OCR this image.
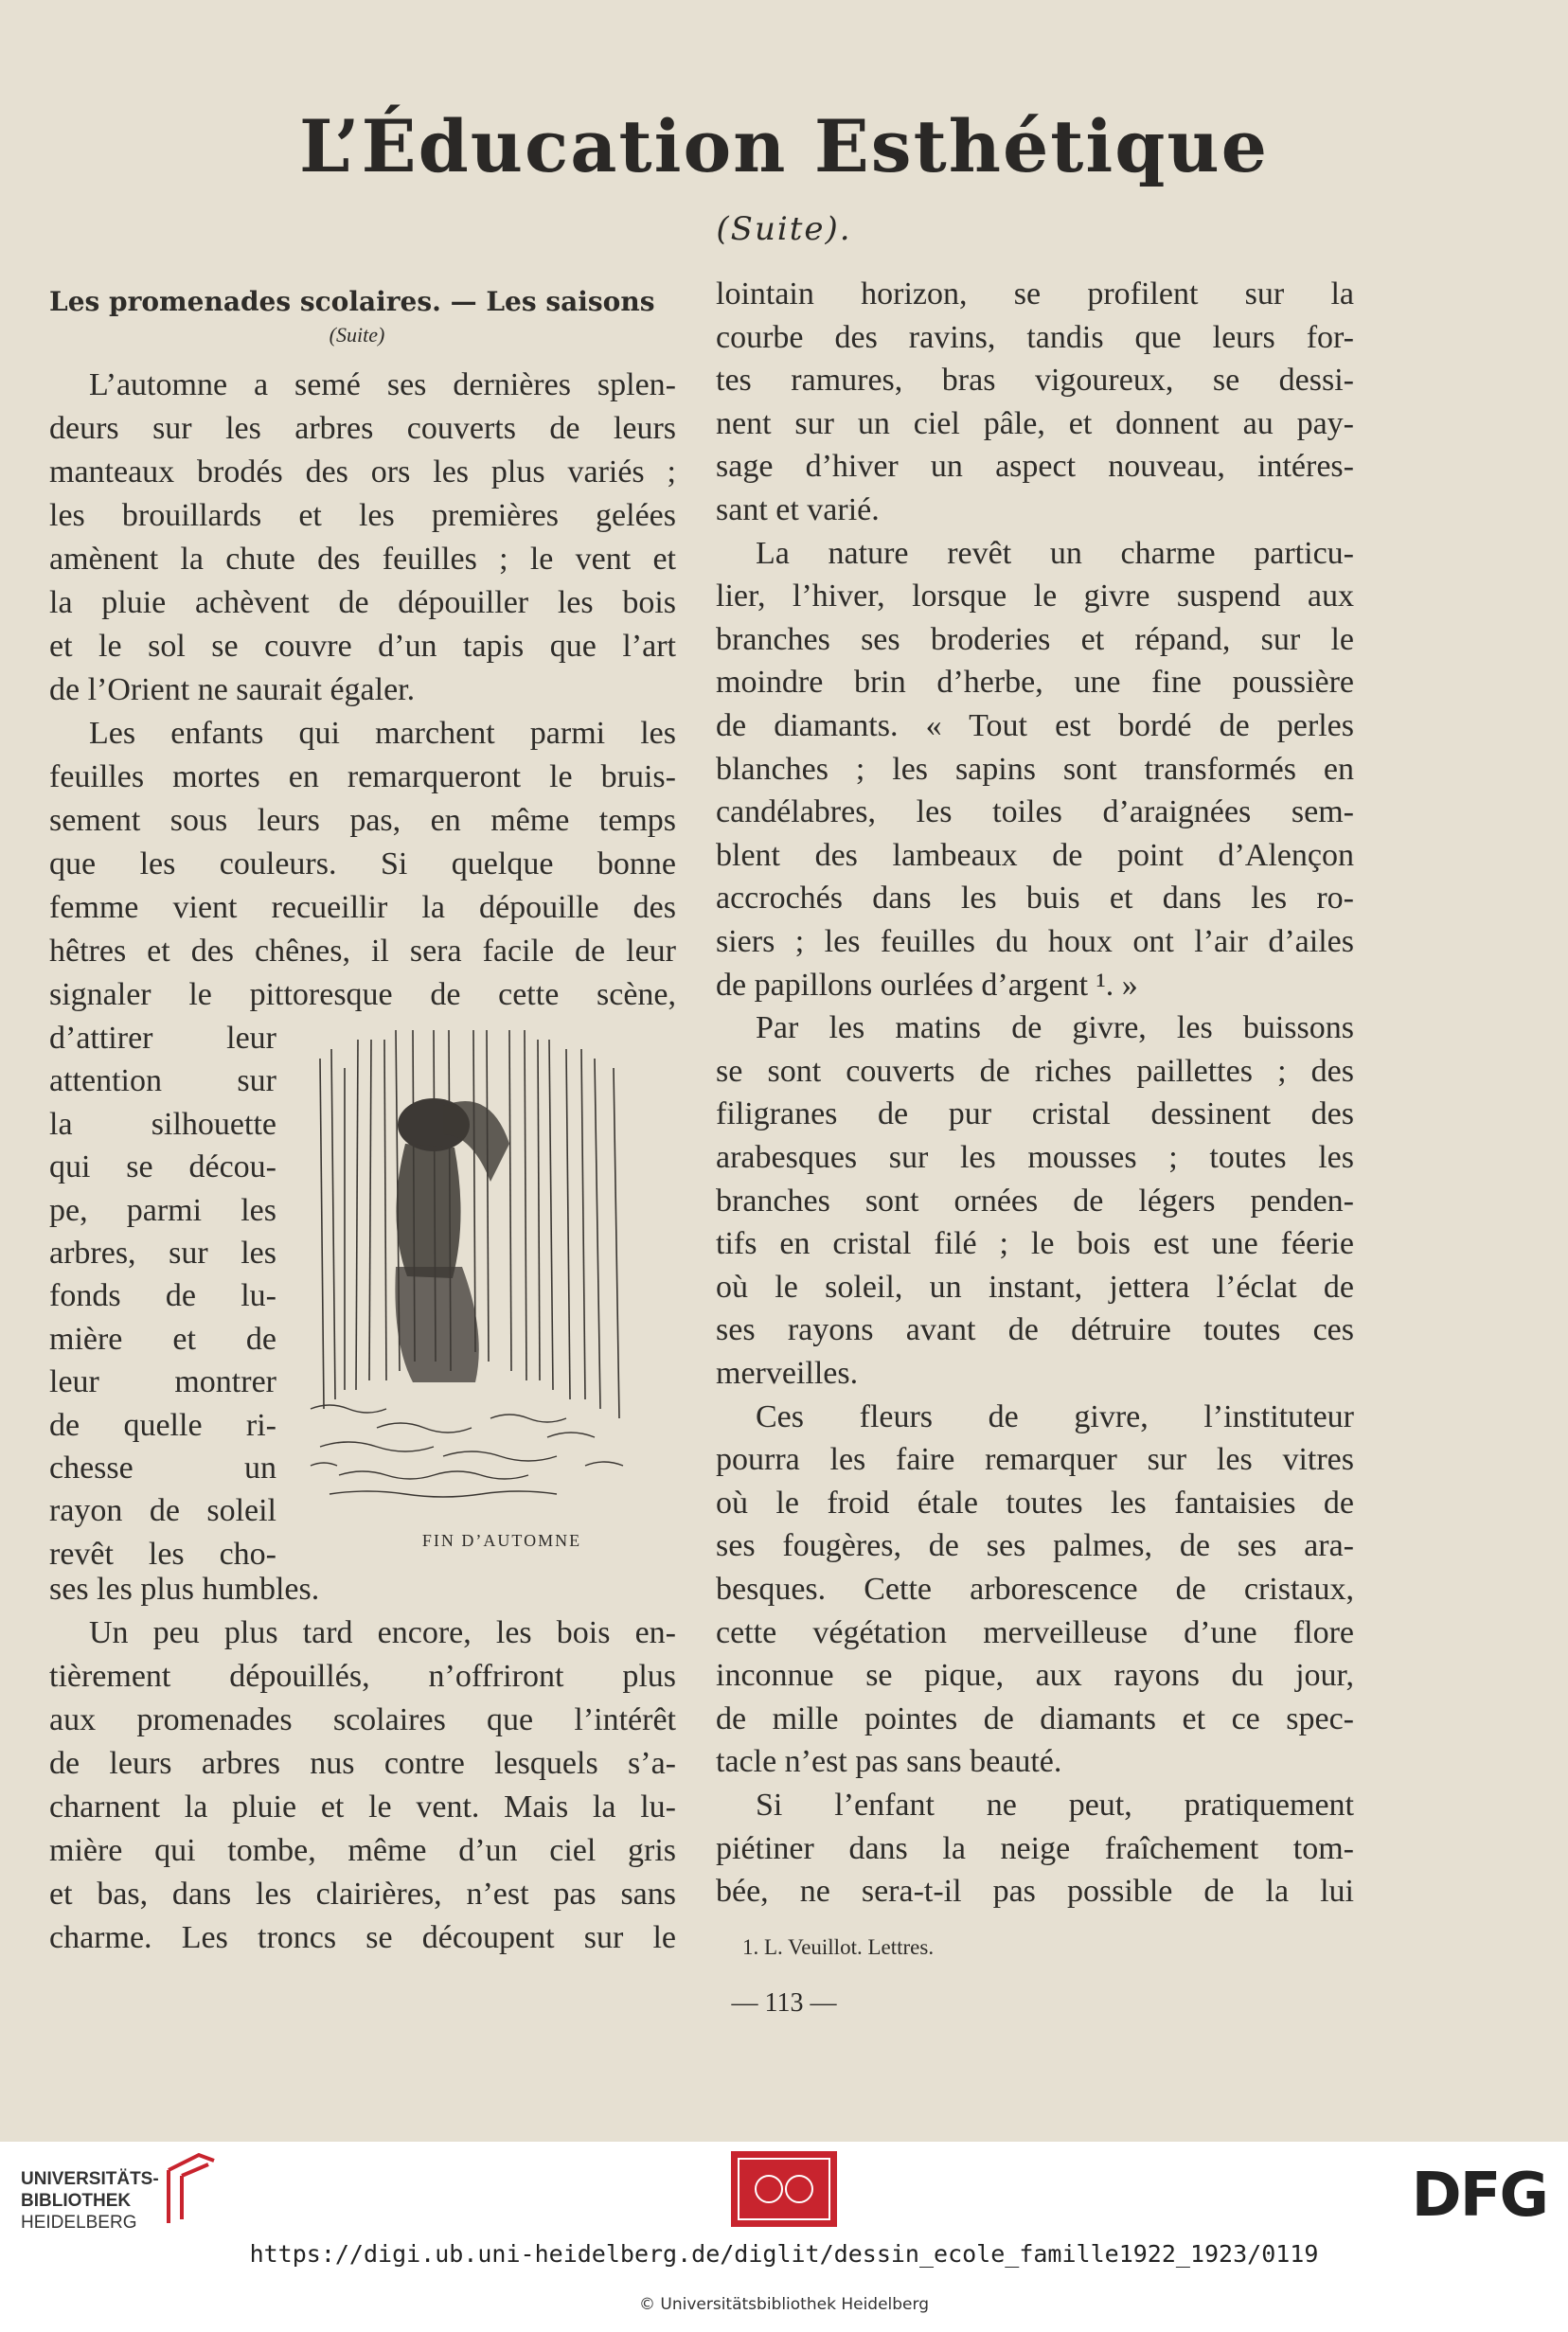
L’Éducation Esthétique
(Suite).
Les promenades scolaires. — Les saisons
(Suite)
L’automne a semé ses dernières splen-
deurs sur les arbres couverts de leurs
manteaux brodés des ors les plus variés ;
les brouillards et les premières gelées
amènent la chute des feuilles ; le vent et
la pluie achèvent de dépouiller les bois
et le sol se couvre d’un tapis que l’art
de l’Orient ne saurait égaler.
Les enfants qui marchent parmi les
feuilles mortes en remarqueront le bruis-
sement sous leurs pas, en même temps
que les couleurs. Si quelque bonne
femme vient recueillir la dépouille des
hêtres et des chênes, il sera facile de leur
signaler le pittoresque de cette scène,
d’attirer leur
attention sur
la silhouette
qui se décou-
pe, parmi les
arbres, sur les
fonds de lu-
mière et de
leur montrer
de quelle ri-
chesse un
rayon de soleil
revêt les cho-
ses les plus humbles.
Un peu plus tard encore, les bois en-
tièrement dépouillés, n’offriront plus
aux promenades scolaires que l’intérêt
de leurs arbres nus contre lesquels s’a-
charnent la pluie et le vent. Mais la lu-
mière qui tombe, même d’un ciel gris
et bas, dans les clairières, n’est pas sans
charme. Les troncs se découpent sur le
FIN D’AUTOMNE
lointain horizon, se profilent sur la
courbe des ravins, tandis que leurs for-
tes ramures, bras vigoureux, se dessi-
nent sur un ciel pâle, et donnent au pay-
sage d’hiver un aspect nouveau, intéres-
sant et varié.
La nature revêt un charme particu-
lier, l’hiver, lorsque le givre suspend aux
branches ses broderies et répand, sur le
moindre brin d’herbe, une fine poussière
de diamants. « Tout est bordé de perles
blanches ; les sapins sont transformés en
candélabres, les toiles d’araignées sem-
blent des lambeaux de point d’Alençon
accrochés dans les buis et dans les ro-
siers ; les feuilles du houx ont l’air d’ailes
de papillons ourlées d’argent ¹. »
Par les matins de givre, les buissons
se sont couverts de riches paillettes ; des
filigranes de pur cristal dessinent des
arabesques sur les mousses ; toutes les
branches sont ornées de légers penden-
tifs en cristal filé ; le bois est une féerie
où le soleil, un instant, jettera l’éclat de
ses rayons avant de détruire toutes ces
merveilles.
Ces fleurs de givre, l’instituteur
pourra les faire remarquer sur les vitres
où le froid étale toutes les fantaisies de
ses fougères, de ses palmes, de ses ara-
besques. Cette arborescence de cristaux,
cette végétation merveilleuse d’une flore
inconnue se pique, aux rayons du jour,
de mille pointes de diamants et ce spec-
tacle n’est pas sans beauté.
Si l’enfant ne peut, pratiquement
piétiner dans la neige fraîchement tom-
bée, ne sera-t-il pas possible de la lui
1. L. Veuillot. Lettres.
— 113 —
UNIVERSITÄTS-
BIBLIOTHEK
HEIDELBERG	DFG
https://digi.ub.uni-heidelberg.de/diglit/dessin_ecole_famille1922_1923/0119
© Universitätsbibliothek Heidelberg
